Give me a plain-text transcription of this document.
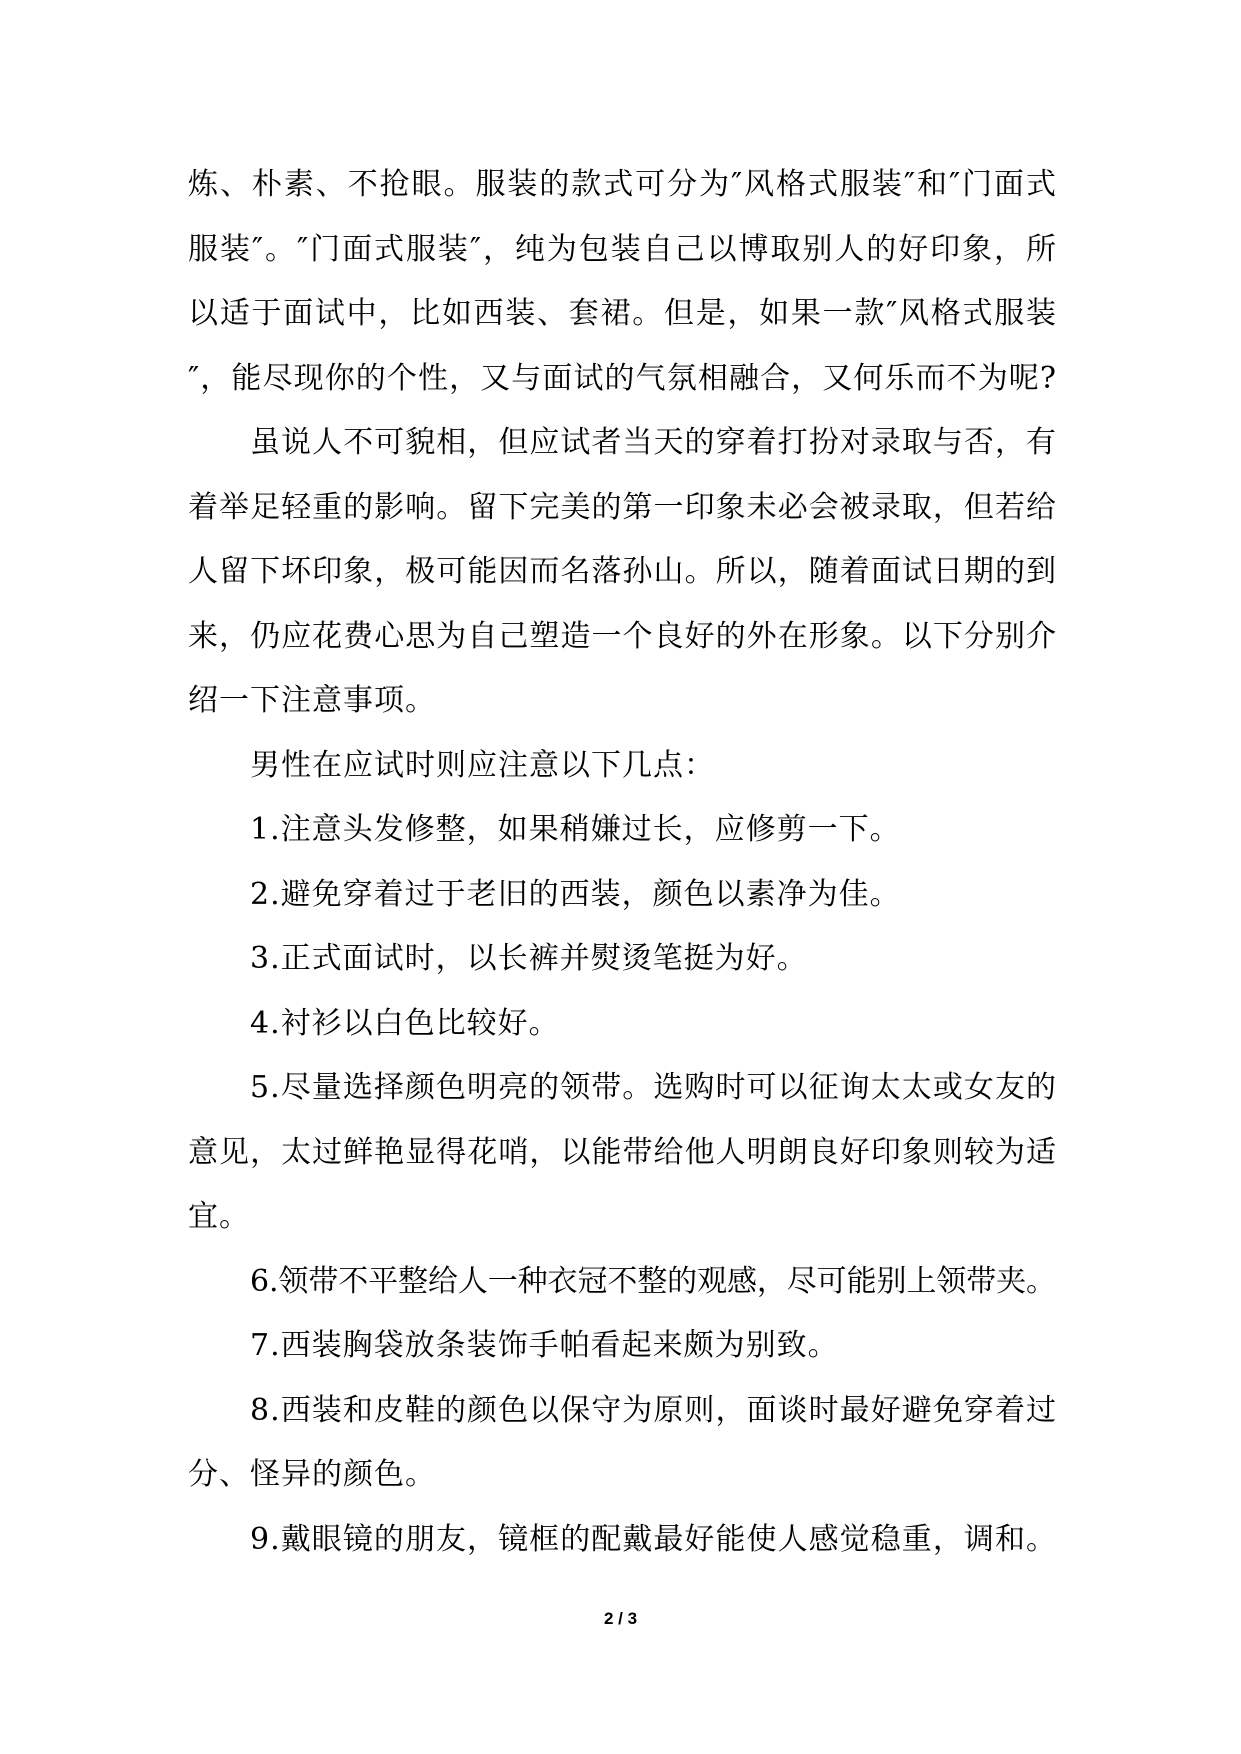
炼、朴素、不抢眼。服装的款式可分为″风格式服装″和″门面式
服装″。″门面式服装″，纯为包装自己以博取别人的好印象，所
以适于面试中，比如西装、套裙。但是，如果一款″风格式服装
″，能尽现你的个性，又与面试的气氛相融合，又何乐而不为呢?
虽说人不可貌相，但应试者当天的穿着打扮对录取与否，有
着举足轻重的影响。留下完美的第一印象未必会被录取，但若给
人留下坏印象，极可能因而名落孙山。所以，随着面试日期的到
来，仍应花费心思为自己塑造一个良好的外在形象。以下分别介
绍一下注意事项。
男性在应试时则应注意以下几点：
1.注意头发修整，如果稍嫌过长，应修剪一下。
2.避免穿着过于老旧的西装，颜色以素净为佳。
3.正式面试时，以长裤并熨烫笔挺为好。
4.衬衫以白色比较好。
5.尽量选择颜色明亮的领带。选购时可以征询太太或女友的
意见，太过鲜艳显得花哨，以能带给他人明朗良好印象则较为适
宜。
6.领带不平整给人一种衣冠不整的观感，尽可能别上领带夹。
7.西装胸袋放条装饰手帕看起来颇为别致。
8.西装和皮鞋的颜色以保守为原则，面谈时最好避免穿着过
分、怪异的颜色。
9.戴眼镜的朋友，镜框的配戴最好能使人感觉稳重，调和。
2 / 3
